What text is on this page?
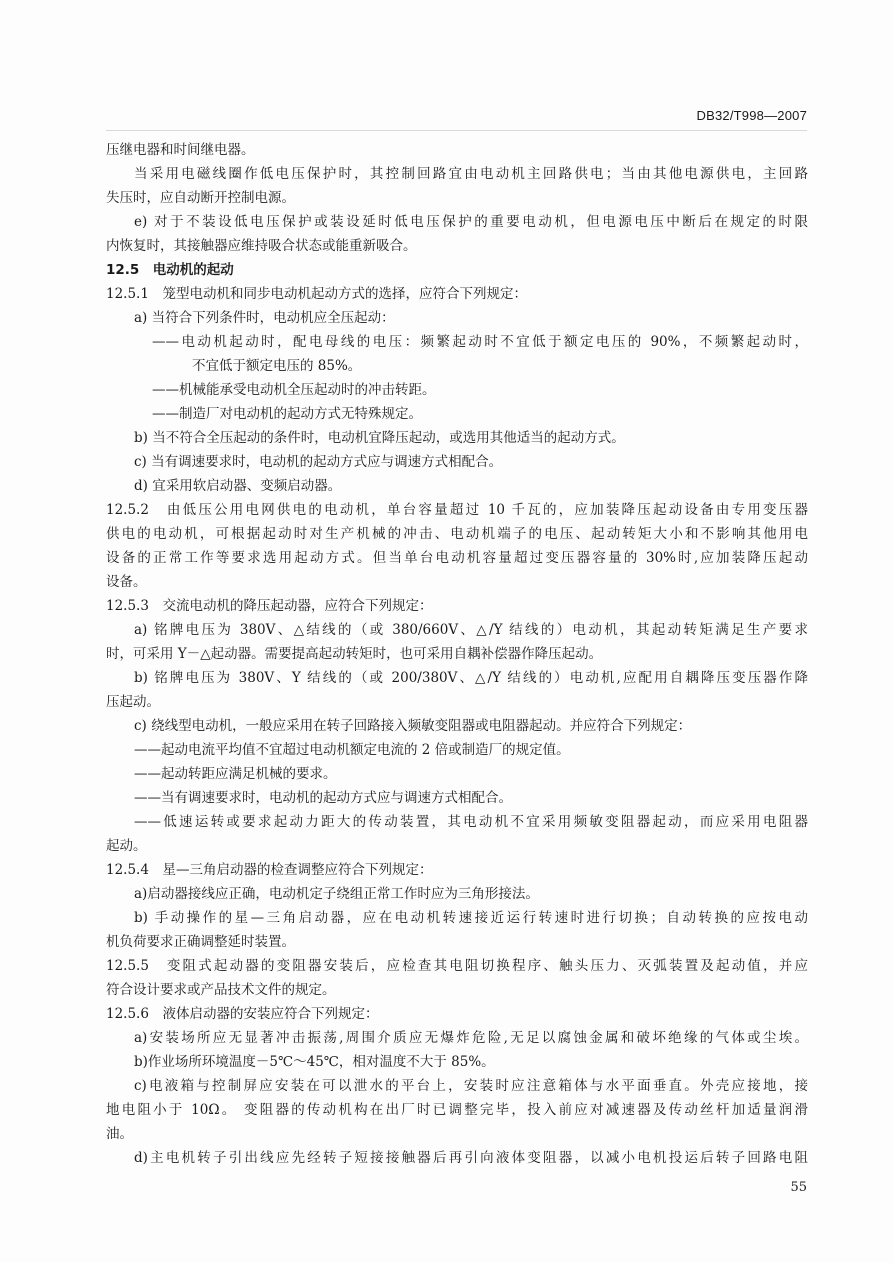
DB32/T998—2007
压继电器和时间继电器。
当采用电磁线圈作低电压保护时，其控制回路宜由电动机主回路供电；当由其他电源供电，主回路
失压时，应自动断开控制电源。
e) 对于不装设低电压保护或装设延时低电压保护的重要电动机，但电源电压中断后在规定的时限
内恢复时，其接触器应维持吸合状态或能重新吸合。
12.5　电动机的起动
12.5.1　笼型电动机和同步电动机起动方式的选择，应符合下列规定：
a) 当符合下列条件时，电动机应全压起动：
——电动机起动时，配电母线的电压：频繁起动时不宜低于额定电压的 90%，不频繁起动时，
不宜低于额定电压的 85%。
——机械能承受电动机全压起动时的冲击转距。
——制造厂对电动机的起动方式无特殊规定。
b) 当不符合全压起动的条件时，电动机宜降压起动，或选用其他适当的起动方式。
c) 当有调速要求时，电动机的起动方式应与调速方式相配合。
d) 宜采用软启动器、变频启动器。
12.5.2　由低压公用电网供电的电动机，单台容量超过 10 千瓦的，应加装降压起动设备由专用变压器
供电的电动机，可根据起动时对生产机械的冲击、电动机端子的电压、起动转矩大小和不影响其他用电
设备的正常工作等要求选用起动方式。但当单台电动机容量超过变压器容量的 30%时,应加装降压起动
设备。
12.5.3　交流电动机的降压起动器，应符合下列规定：
a) 铭牌电压为 380V、△结线的（或 380/660V、△/Y 结线的）电动机，其起动转矩满足生产要求
时，可采用 Y－△起动器。需要提高起动转矩时，也可采用自耦补偿器作降压起动。
b) 铭牌电压为 380V、Y 结线的（或 200/380V、△/Y 结线的）电动机,应配用自耦降压变压器作降
压起动。
c) 绕线型电动机，一般应采用在转子回路接入频敏变阻器或电阻器起动。并应符合下列规定：
——起动电流平均值不宜超过电动机额定电流的 2 倍或制造厂的规定值。
——起动转距应满足机械的要求。
——当有调速要求时，电动机的起动方式应与调速方式相配合。
——低速运转或要求起动力距大的传动装置，其电动机不宜采用频敏变阻器起动，而应采用电阻器
起动。
12.5.4　星—三角启动器的检查调整应符合下列规定：
a)启动器接线应正确，电动机定子绕组正常工作时应为三角形接法。
b) 手动操作的星—三角启动器，应在电动机转速接近运行转速时进行切换；自动转换的应按电动
机负荷要求正确调整延时装置。
12.5.5　变阻式起动器的变阻器安装后，应检查其电阻切换程序、触头压力、灭弧装置及起动值，并应
符合设计要求或产品技术文件的规定。
12.5.6　液体启动器的安装应符合下列规定：
a)安装场所应无显著冲击振荡,周围介质应无爆炸危险,无足以腐蚀金属和破坏绝缘的气体或尘埃。
b)作业场所环境温度－5℃～45℃，相对温度不大于 85%。
c)电液箱与控制屏应安装在可以泄水的平台上，安装时应注意箱体与水平面垂直。外壳应接地，接
地电阻小于 10Ω。 变阻器的传动机构在出厂时已调整完毕，投入前应对减速器及传动丝杆加适量润滑
油。
d)主电机转子引出线应先经转子短接接触器后再引向液体变阻器，以减小电机投运后转子回路电阻
55
